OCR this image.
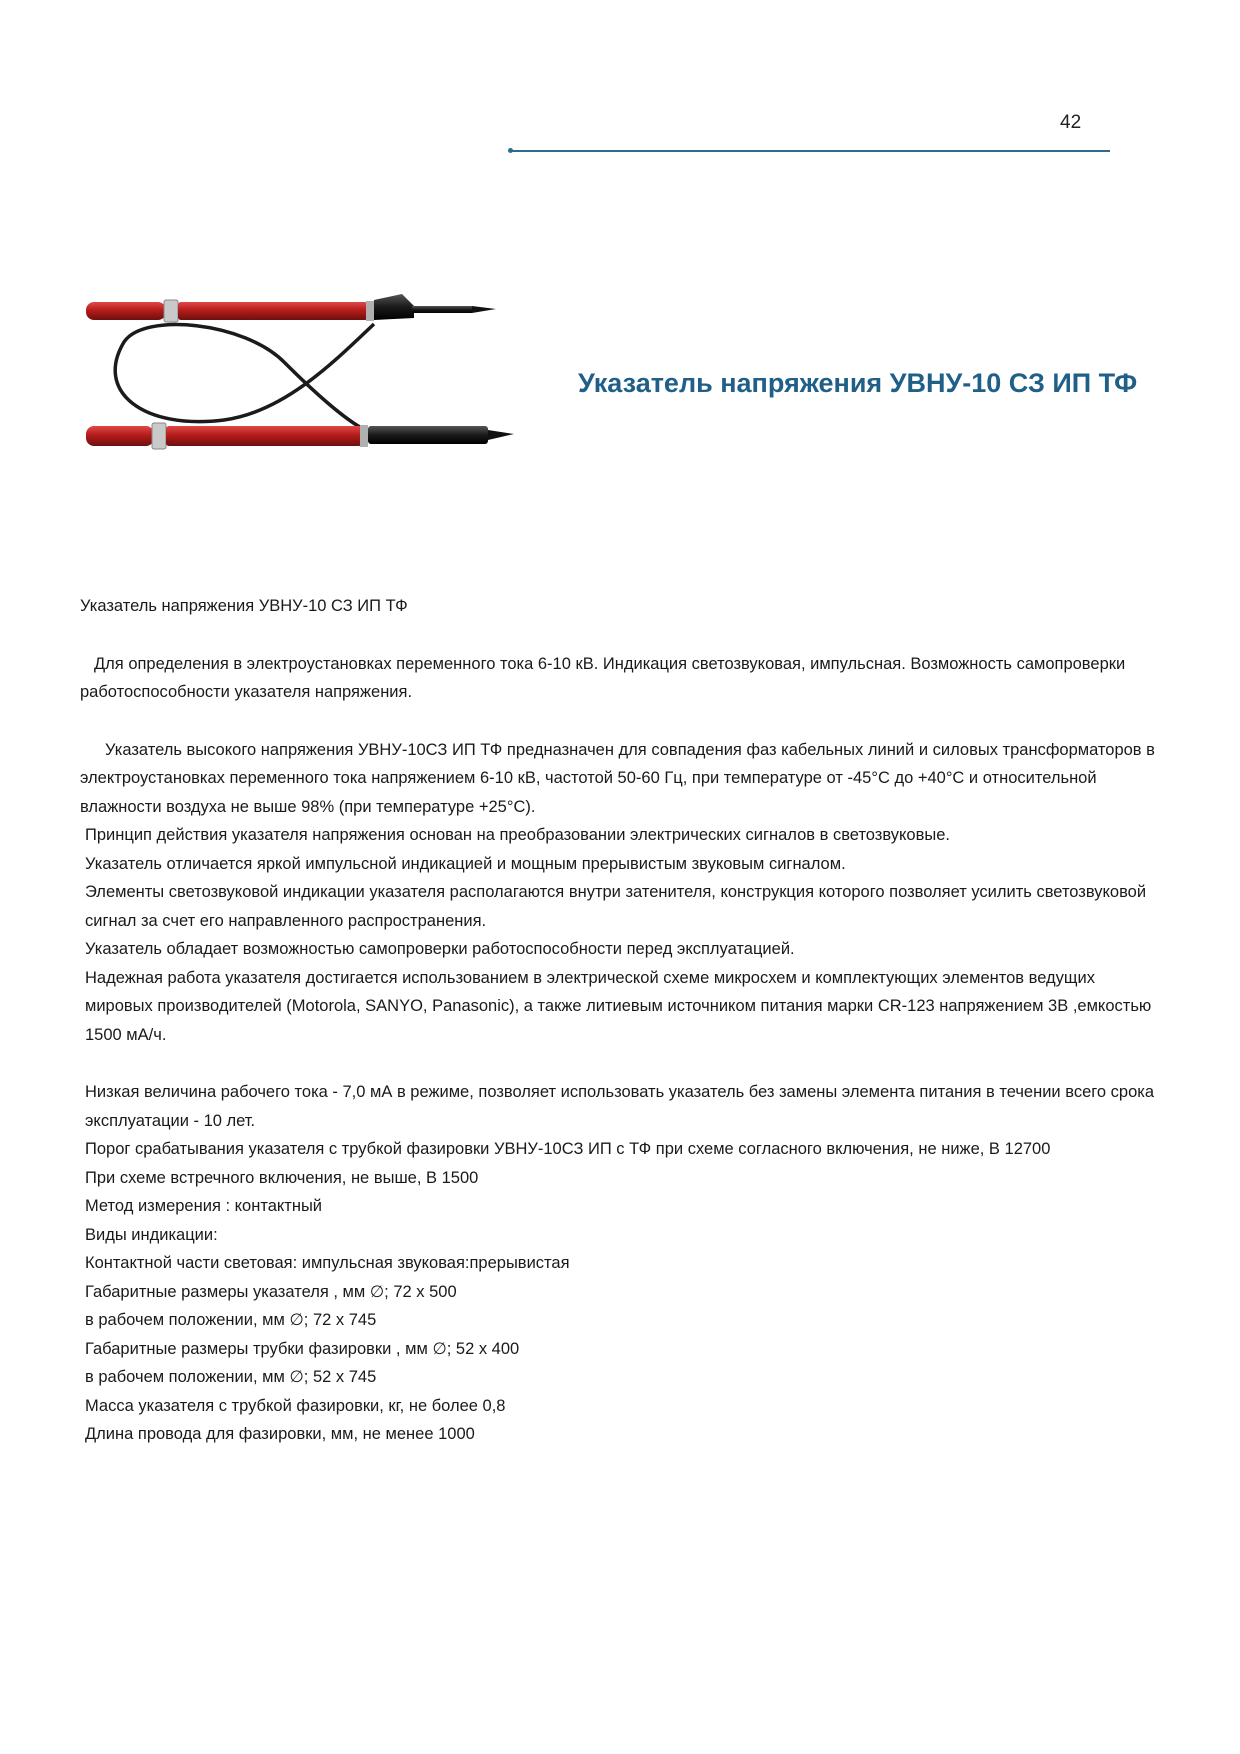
42
Указатель напряжения УВНУ-10 СЗ ИП ТФ

Указатель напряжения УВНУ-10 СЗ ИП ТФ

Для определения в электроустановках переменного тока 6-10 кВ. Индикация светозвуковая, импульсная. Возможность самопроверки работоспособности указателя напряжения.

Указатель высокого напряжения УВНУ-10СЗ ИП ТФ предназначен для совпадения фаз кабельных линий и силовых трансформаторов в электроустановках переменного тока напряжением 6-10 кВ, частотой 50-60 Гц, при температуре от -45°С до +40°С и относительной влажности воздуха не выше 98% (при температуре +25°С).

Принцип действия указателя напряжения основан на преобразовании электрических сигналов в светозвуковые.

Указатель отличается яркой импульсной индикацией и мощным прерывистым звуковым сигналом.

Элементы светозвуковой индикации указателя располагаются внутри затенителя, конструкция которого позволяет усилить светозвуковой сигнал за счет его направленного распространения.

Указатель обладает возможностью самопроверки работоспособности перед эксплуатацией.

Надежная работа указателя достигается использованием в электрической схеме микросхем и комплектующих элементов ведущих мировых производителей (Motorola, SANYO, Panasonic), а также литиевым источником питания марки CR-123 напряжением 3В ,емкостью 1500 мА/ч.

Низкая величина рабочего тока - 7,0 мА в режиме, позволяет использовать указатель без замены элемента питания в течении всего срока эксплуатации - 10 лет.

Порог срабатывания указателя с трубкой фазировки УВНУ-10СЗ ИП с ТФ при схеме согласного включения, не ниже, В 12700

При схеме встречного включения, не выше, В 1500

Метод измерения : контактный

Виды индикации:

Контактной части световая: импульсная звуковая:прерывистая

Габаритные размеры указателя , мм ∅; 72 х 500

в рабочем положении, мм ∅; 72 х 745

Габаритные размеры трубки фазировки , мм ∅; 52 х 400

в рабочем положении, мм ∅; 52 х 745

Масса указателя с трубкой фазировки, кг, не более 0,8

Длина провода для фазировки, мм, не менее 1000
